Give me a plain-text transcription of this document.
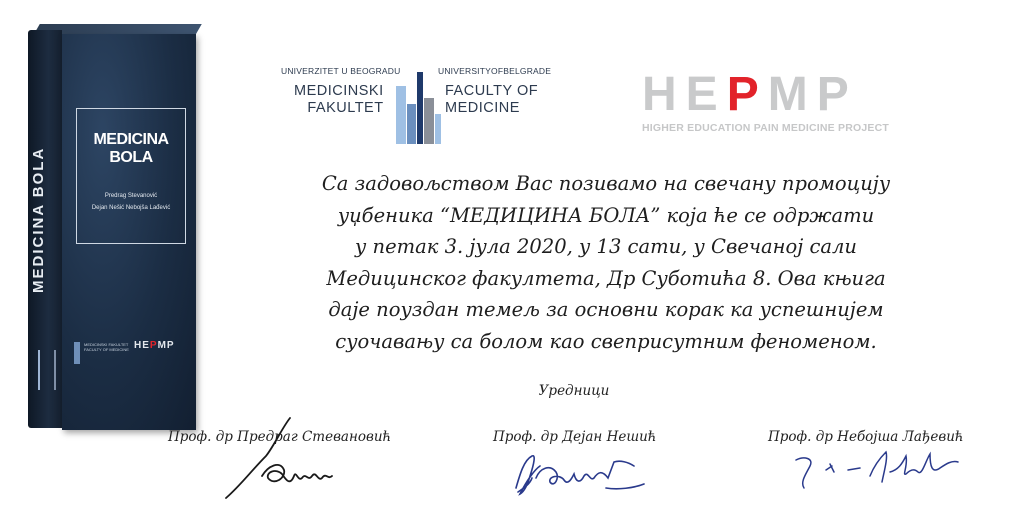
MEDICINA BOLA
MEDICINA BOLA
Predrag Stevanović
Dejan Nešić Nebojša Lađević
MEDICINSKI FAKULTET
FACULTY OF MEDICINE HEPMP
UNIVERZITET U BEOGRADU	UNIVERSITYOFBELGRADE
MEDICINSKI
FAKULTET
FACULTY OF
MEDICINE	HEPMP
HIGHER EDUCATION PAIN MEDICINE PROJECT

Са задовољством Вас позивамо на свечану промоцију

уџбеника “МЕДИЦИНА БОЛА” која ће се одржати

у петак 3. јула 2020, у 13 сати, у Свечаној сали

Медицинског факултета, Др Суботића 8. Ова књига

даје поуздан темељ за основни корак ка успешнијем

суочавању са болом као свеприсутним феноменом.

Уредници
Проф. др Предраг Стевановић	Проф. др Дејан Нешић	Проф. др Небојша Лађевић
